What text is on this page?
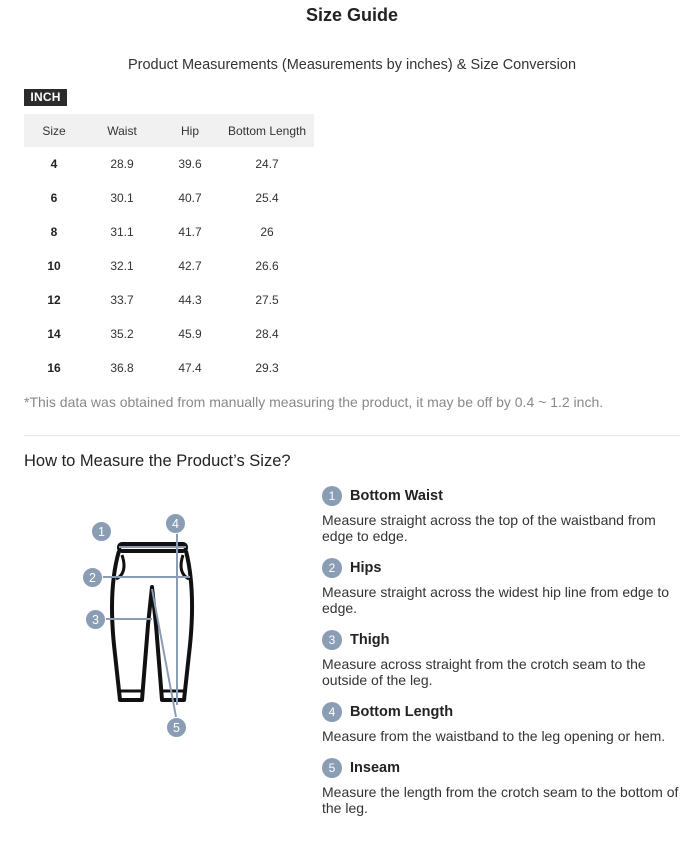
Size Guide
Product Measurements (Measurements by inches) & Size Conversion
INCH
Size	Waist	Hip	Bottom Length
4	28.9	39.6	24.7
6	30.1	40.7	25.4
8	31.1	41.7	26
10	32.1	42.7	26.6
12	33.7	44.3	27.5
14	35.2	45.9	28.4
16	36.8	47.4	29.3
*This data was obtained from manually measuring the product, it may be off by 0.4 ~ 1.2 inch.
How to Measure the Product’s Size?
1
2
3
4
5
1	Bottom Waist
Measure straight across the top of the waistband from edge to edge.
2	Hips
Measure straight across the widest hip line from edge to edge.
3	Thigh
Measure across straight from the crotch seam to the outside of the leg.
4	Bottom Length
Measure from the waistband to the leg opening or hem.
5	Inseam
Measure the length from the crotch seam to the bottom of the leg.
